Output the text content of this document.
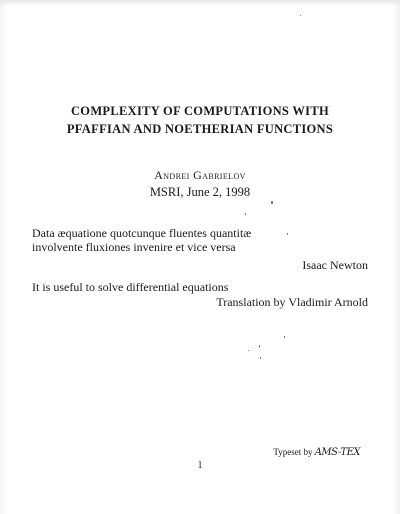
COMPLEXITY OF COMPUTATIONS WITH
PFAFFIAN AND NOETHERIAN FUNCTIONS
Andrei Gabrielov
MSRI, June 2, 1998
Data æquatione quotcunque fluentes quantitæ
involvente fluxiones invenire et vice versa
Isaac Newton
It is useful to solve differential equations
Translation by Vladimir Arnold
Typeset by AMS-TEX
1
